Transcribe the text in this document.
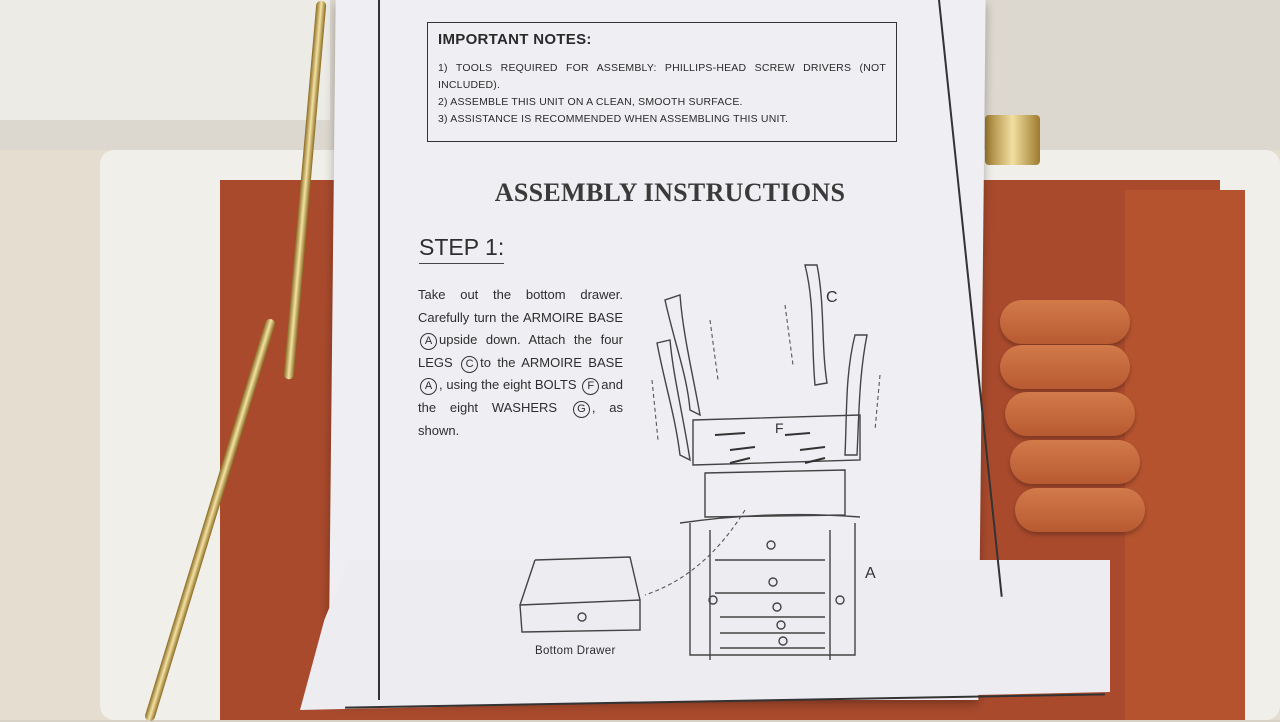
IMPORTANT NOTES:
1) TOOLS REQUIRED FOR ASSEMBLY: PHILLIPS-HEAD SCREW DRIVERS (NOT INCLUDED).
2) ASSEMBLE THIS UNIT ON A CLEAN, SMOOTH SURFACE.
3) ASSISTANCE IS RECOMMENDED WHEN ASSEMBLING THIS UNIT.
ASSEMBLY INSTRUCTIONS
STEP 1:
Take out the bottom drawer. Carefully turn the ARMOIRE BASE A upside down. Attach the four LEGS C to the ARMOIRE BASE A , using the eight BOLTS F and the eight WASHERS G , as shown.
C
F
A
Bottom Drawer
